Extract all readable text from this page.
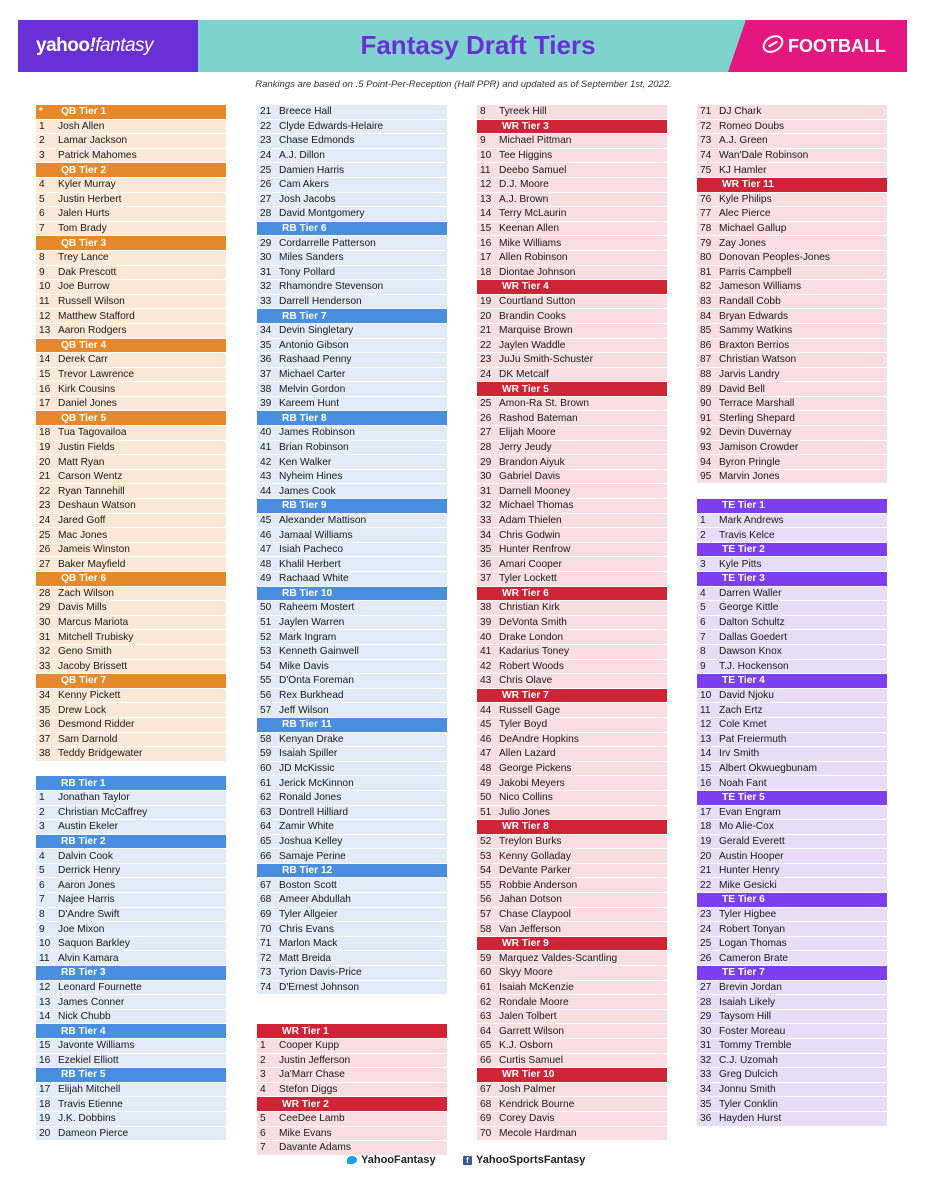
yahoo!fantasy	Fantasy Draft Tiers	FOOTBALL
Rankings are based on .5 Point-Per-Reception (Half PPR) and updated as of September 1st, 2022.
*	QB Tier 1
1	Josh Allen
2	Lamar Jackson
3	Patrick Mahomes
QB Tier 2
4	Kyler Murray
5	Justin Herbert
6	Jalen Hurts
7	Tom Brady
QB Tier 3
8	Trey Lance
9	Dak Prescott
10 Joe Burrow
11 Russell Wilson
12 Matthew Stafford
13 Aaron Rodgers
QB Tier 4
14 Derek Carr
15 Trevor Lawrence
16 Kirk Cousins
17 Daniel Jones
QB Tier 5
18 Tua Tagovailoa
19 Justin Fields
20 Matt Ryan
21 Carson Wentz
22 Ryan Tannehill
23 Deshaun Watson
24 Jared Goff
25 Mac Jones
26 Jameis Winston
27 Baker Mayfield
QB Tier 6
28 Zach Wilson
29 Davis Mills
30 Marcus Mariota
31 Mitchell Trubisky
32 Geno Smith
33 Jacoby Brissett
QB Tier 7
34 Kenny Pickett
35 Drew Lock
36 Desmond Ridder
37 Sam Darnold
38 Teddy Bridgewater
RB Tier 1
1	Jonathan Taylor
2	Christian McCaffrey
3	Austin Ekeler
RB Tier 2
4	Dalvin Cook
5	Derrick Henry
6	Aaron Jones
7	Najee Harris
8	D'Andre Swift
9	Joe Mixon
10 Saquon Barkley
11 Alvin Kamara
RB Tier 3
12 Leonard Fournette
13 James Conner
14 Nick Chubb
RB Tier 4
15 Javonte Williams
16 Ezekiel Elliott
RB Tier 5
17 Elijah Mitchell
18 Travis Etienne
19 J.K. Dobbins
20 Dameon Pierce
21 Breece Hall
22 Clyde Edwards-Helaire
23 Chase Edmonds
24 A.J. Dillon
25 Damien Harris
26 Cam Akers
27 Josh Jacobs
28 David Montgomery
RB Tier 6
29 Cordarrelle Patterson
30 Miles Sanders
31 Tony Pollard
32 Rhamondre Stevenson
33 Darrell Henderson
RB Tier 7
34 Devin Singletary
35 Antonio Gibson
36 Rashaad Penny
37 Michael Carter
38 Melvin Gordon
39 Kareem Hunt
RB Tier 8
40 James Robinson
41 Brian Robinson
42 Ken Walker
43 Nyheim Hines
44 James Cook
RB Tier 9
45 Alexander Mattison
46 Jamaal Williams
47 Isiah Pacheco
48 Khalil Herbert
49 Rachaad White
RB Tier 10
50 Raheem Mostert
51 Jaylen Warren
52 Mark Ingram
53 Kenneth Gainwell
54 Mike Davis
55 D'Onta Foreman
56 Rex Burkhead
57 Jeff Wilson
RB Tier 11
58 Kenyan Drake
59 Isaiah Spiller
60 JD McKissic
61 Jerick McKinnon
62 Ronald Jones
63 Dontrell Hilliard
64 Zamir White
65 Joshua Kelley
66 Samaje Perine
RB Tier 12
67 Boston Scott
68 Ameer Abdullah
69 Tyler Allgeier
70 Chris Evans
71 Marlon Mack
72 Matt Breida
73 Tyrion Davis-Price
74 D'Ernest Johnson
WR Tier 1
1	Cooper Kupp
2	Justin Jefferson
3	Ja'Marr Chase
4	Stefon Diggs
WR Tier 2
5	CeeDee Lamb
6	Mike Evans
7	Davante Adams
8	Tyreek Hill
WR Tier 3
9	Michael Pittman
10 Tee Higgins
11 Deebo Samuel
12 D.J. Moore
13 A.J. Brown
14 Terry McLaurin
15 Keenan Allen
16 Mike Williams
17 Allen Robinson
18 Diontae Johnson
WR Tier 4
19 Courtland Sutton
20 Brandin Cooks
21 Marquise Brown
22 Jaylen Waddle
23 JuJu Smith-Schuster
24 DK Metcalf
WR Tier 5
25 Amon-Ra St. Brown
26 Rashod Bateman
27 Elijah Moore
28 Jerry Jeudy
29 Brandon Aiyuk
30 Gabriel Davis
31 Darnell Mooney
32 Michael Thomas
33 Adam Thielen
34 Chris Godwin
35 Hunter Renfrow
36 Amari Cooper
37 Tyler Lockett
WR Tier 6
38 Christian Kirk
39 DeVonta Smith
40 Drake London
41 Kadarius Toney
42 Robert Woods
43 Chris Olave
WR Tier 7
44 Russell Gage
45 Tyler Boyd
46 DeAndre Hopkins
47 Allen Lazard
48 George Pickens
49 Jakobi Meyers
50 Nico Collins
51 Julio Jones
WR Tier 8
52 Treylon Burks
53 Kenny Golladay
54 DeVante Parker
55 Robbie Anderson
56 Jahan Dotson
57 Chase Claypool
58 Van Jefferson
WR Tier 9
59 Marquez Valdes-Scantling
60 Skyy Moore
61 Isaiah McKenzie
62 Rondale Moore
63 Jalen Tolbert
64 Garrett Wilson
65 K.J. Osborn
66 Curtis Samuel
WR Tier 10
67 Josh Palmer
68 Kendrick Bourne
69 Corey Davis
70 Mecole Hardman
71 DJ Chark
72 Romeo Doubs
73 A.J. Green
74 Wan'Dale Robinson
75 KJ Hamler
WR Tier 11
76 Kyle Philips
77 Alec Pierce
78 Michael Gallup
79 Zay Jones
80 Donovan Peoples-Jones
81 Parris Campbell
82 Jameson Williams
83 Randall Cobb
84 Bryan Edwards
85 Sammy Watkins
86 Braxton Berrios
87 Christian Watson
88 Jarvis Landry
89 David Bell
90 Terrace Marshall
91 Sterling Shepard
92 Devin Duvernay
93 Jamison Crowder
94 Byron Pringle
95 Marvin Jones
TE Tier 1
1	Mark Andrews
2	Travis Kelce
TE Tier 2
3	Kyle Pitts
TE Tier 3
4	Darren Waller
5	George Kittle
6	Dalton Schultz
7	Dallas Goedert
8	Dawson Knox
9	T.J. Hockenson
TE Tier 4
10 David Njoku
11 Zach Ertz
12 Cole Kmet
13 Pat Freiermuth
14 Irv Smith
15 Albert Okwuegbunam
16 Noah Fant
TE Tier 5
17 Evan Engram
18 Mo Alie-Cox
19 Gerald Everett
20 Austin Hooper
21 Hunter Henry
22 Mike Gesicki
TE Tier 6
23 Tyler Higbee
24 Robert Tonyan
25 Logan Thomas
26 Cameron Brate
TE Tier 7
27 Brevin Jordan
28 Isaiah Likely
29 Taysom Hill
30 Foster Moreau
31 Tommy Tremble
32 C.J. Uzomah
33 Greg Dulcich
34 Jonnu Smith
35 Tyler Conklin
36 Hayden Hurst
YahooFantasy	f YahooSportsFantasy
